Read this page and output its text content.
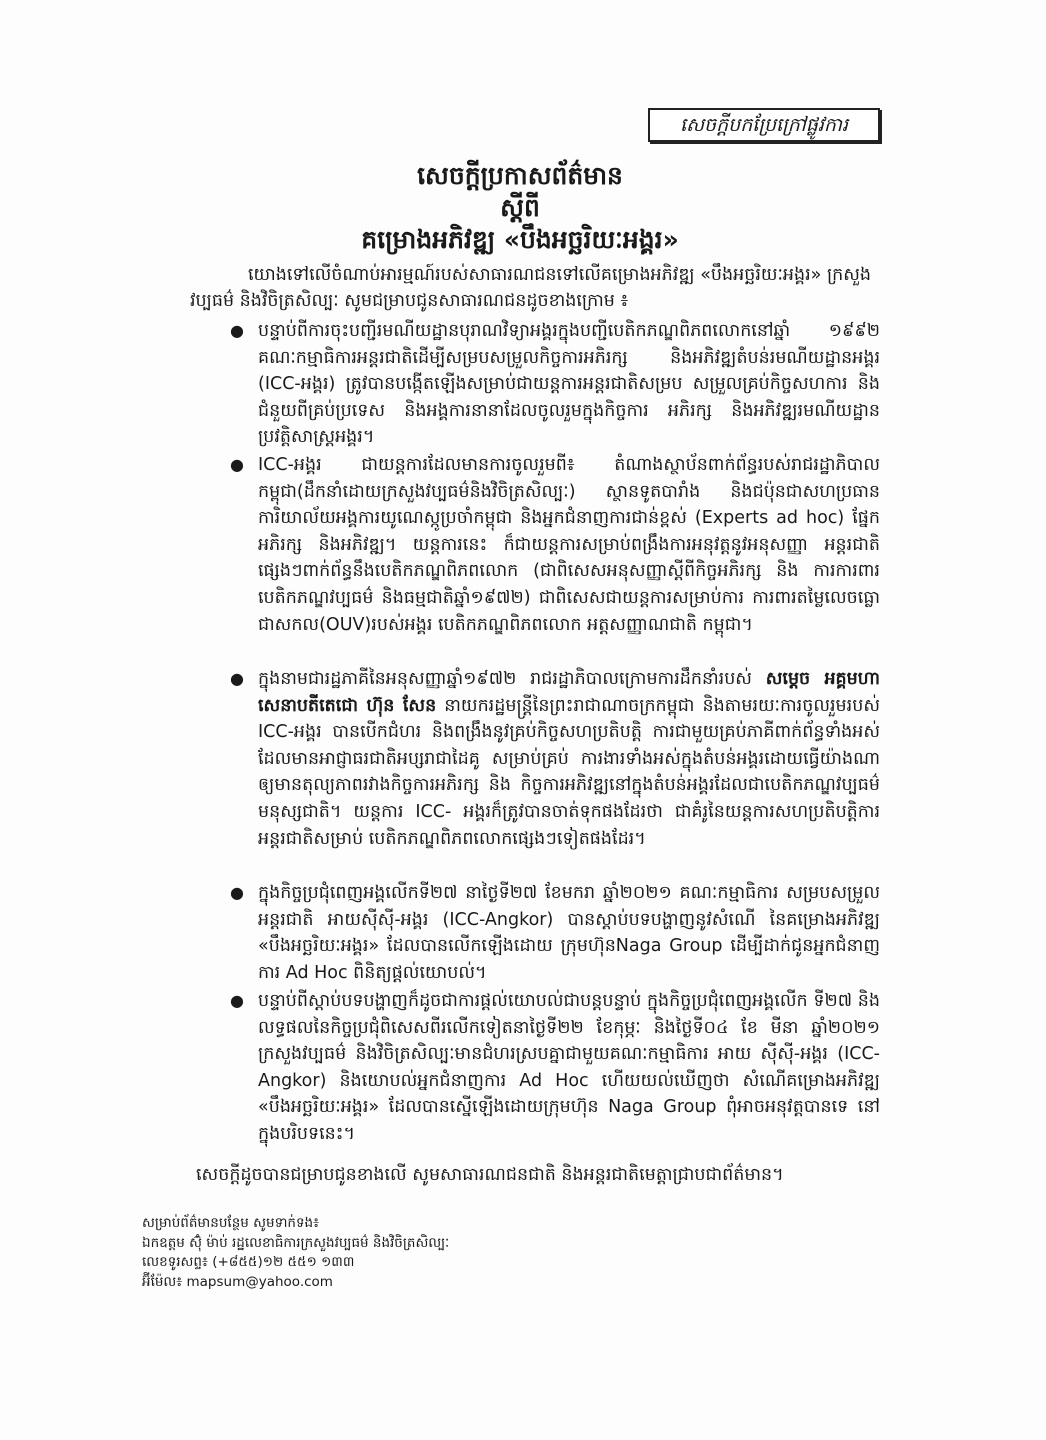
សេចក្តីបកប្រែក្រៅផ្លូវការ

សេចក្តីប្រកាសព័ត៌មាន

ស្តីពី

គម្រោងអភិវឌ្ឍ «បឹងអច្ឆរិយៈអង្គរ»

យោងទៅលើចំណាប់អារម្មណ៍របស់សាធារណជនទៅលើគម្រោងអភិវឌ្ឍ «បឹងអច្ឆរិយៈអង្គរ» ក្រសួង

វប្បធម៌ និងវិចិត្រសិល្បៈ សូមជម្រាបជូនសាធារណជនដូចខាងក្រោម ៖

● បន្ទាប់ពីការចុះបញ្ជីរមណីយដ្ឋានបុរាណវិទ្យាអង្គរក្នុងបញ្ជីបេតិកភណ្ឌពិភពលោកនៅឆ្នាំ ១៩៩២ គណៈកម្មាធិការអន្តរជាតិដើម្បីសម្របសម្រួលកិច្ចការអភិរក្ស និងអភិវឌ្ឍតំបន់រមណីយដ្ឋានអង្គរ (ICC-អង្គរ) ត្រូវបានបង្កើតឡើងសម្រាប់ជាយន្តការអន្តរជាតិសម្រប សម្រួលគ្រប់កិច្ចសហការ និងជំនួយពីគ្រប់ប្រទេស និងអង្គការនានាដែលចូលរួមក្នុងកិច្ចការ អភិរក្ស និងអភិវឌ្ឍរមណីយដ្ឋានប្រវត្តិសាស្ត្រអង្គរ។
● ICC-អង្គរ ជាយន្តការដែលមានការចូលរួមពី៖ តំណាងស្ថាប័នពាក់ព័ន្ធរបស់រាជរដ្ឋាភិបាល កម្ពុជា(ដឹកនាំដោយក្រសួងវប្បធម៌និងវិចិត្រសិល្បៈ) ស្ថានទូតបារាំង និងជប៉ុនជាសហប្រធាន ការិយាល័យអង្គការយូណេស្កូប្រចាំកម្ពុជា និងអ្នកជំនាញការជាន់ខ្ពស់ (Experts ad hoc) ផ្នែកអភិរក្ស និងអភិវឌ្ឍ។ យន្តការនេះ ក៏ជាយន្តការសម្រាប់ពង្រឹងការអនុវត្តនូវអនុសញ្ញា អន្តរជាតិផ្សេងៗពាក់ព័ន្ធនឹងបេតិកភណ្ឌពិភពលោក (ជាពិសេសអនុសញ្ញាស្តីពីកិច្ចអភិរក្ស និង ការការពារបេតិកភណ្ឌវប្បធម៌ និងធម្មជាតិឆ្នាំ១៩៧២) ជាពិសេសជាយន្តការសម្រាប់ការ ការពារតម្លៃលេចធ្លោជាសកល(OUV)របស់អង្គរ បេតិកភណ្ឌពិភពលោក អត្តសញ្ញាណជាតិ កម្ពុជា។
● ក្នុងនាមជារដ្ឋភាគីនៃអនុសញ្ញាឆ្នាំ១៩៧២ រាជរដ្ឋាភិបាលក្រោមការដឹកនាំរបស់ សម្តេច អគ្គមហាសេនាបតីតេជោ ហ៊ុន សែន នាយករដ្ឋមន្ត្រីនៃព្រះរាជាណាចក្រកម្ពុជា និងតាមរយៈការចូលរួមរបស់ ICC-អង្គរ បានបើកជំហរ និងពង្រឹងនូវគ្រប់កិច្ចសហប្រតិបត្តិ ការជាមួយគ្រប់ភាគីពាក់ព័ន្ធទាំងអស់ដែលមានអាជ្ញាធរជាតិអប្សរាជាដៃគូ សម្រាប់គ្រប់ ការងារទាំងអស់ក្នុងតំបន់អង្គរដោយធ្វើយ៉ាងណាឲ្យមានតុល្យភាពរវាងកិច្ចការអភិរក្ស និង កិច្ចការអភិវឌ្ឍនៅក្នុងតំបន់អង្គរដែលជាបេតិកភណ្ឌវប្បធម៌មនុស្សជាតិ។ យន្តការ ICC- អង្គរក៏ត្រូវបានចាត់ទុកផងដែរថា ជាគំរូនៃយន្តការសហប្រតិបត្តិការអន្តរជាតិសម្រាប់ បេតិកភណ្ឌពិភពលោកផ្សេងៗទៀតផងដែរ។
● ក្នុងកិច្ចប្រជុំពេញអង្គលើកទី២៧ នាថ្ងៃទី២៧ ខែមករា ឆ្នាំ២០២១ គណៈកម្មាធិការ សម្របសម្រួលអន្តរជាតិ អាយស៊ីស៊ី-អង្គរ (ICC-Angkor) បានស្តាប់បទបង្ហាញនូវសំណើ នៃគម្រោងអភិវឌ្ឍ «បឹងអច្ឆរិយៈអង្គរ» ដែលបានលើកឡើងដោយ ក្រុមហ៊ុនNaga Group ដើម្បីដាក់ជូនអ្នកជំនាញការ Ad Hoc ពិនិត្យផ្តល់យោបល់។
● បន្ទាប់ពីស្តាប់បទបង្ហាញក៏ដូចជាការផ្តល់យោបល់ជាបន្តបន្ទាប់ ក្នុងកិច្ចប្រជុំពេញអង្គលើក ទី២៧ និងលទ្ធផលនៃកិច្ចប្រជុំពិសេសពីរលើកទៀតនាថ្ងៃទី២២ ខែកុម្ភៈ និងថ្ងៃទី០៤ ខែ មីនា ឆ្នាំ២០២១ ក្រសួងវប្បធម៌ និងវិចិត្រសិល្បៈមានជំហរស្របគ្នាជាមួយគណៈកម្មាធិការ អាយ ស៊ីស៊ី-អង្គរ (ICC-Angkor) និងយោបល់អ្នកជំនាញការ Ad Hoc ហើយយល់ឃើញថា សំណើគម្រោងអភិវឌ្ឍ «បឹងអច្ឆរិយៈអង្គរ» ដែលបានស្នើឡើងដោយក្រុមហ៊ុន Naga Group ពុំអាចអនុវត្តបានទេ នៅក្នុងបរិបទនេះ។

សេចក្តីដូចបានជម្រាបជូនខាងលើ សូមសាធារណជនជាតិ និងអន្តរជាតិមេត្តាជ្រាបជាព័ត៌មាន។

សម្រាប់ព័ត៌មានបន្ថែម សូមទាក់ទង៖
ឯកឧត្តម ស៊ុំ ម៉ាប់ រដ្ឋលេខាធិការក្រសួងវប្បធម៌ និងវិចិត្រសិល្បៈ
លេខទូរសព្ទ៖ (+៨៥៥)១២ ៥៥១ ១៣៣
អ៊ីម៉ែល៖ mapsum@yahoo.com
